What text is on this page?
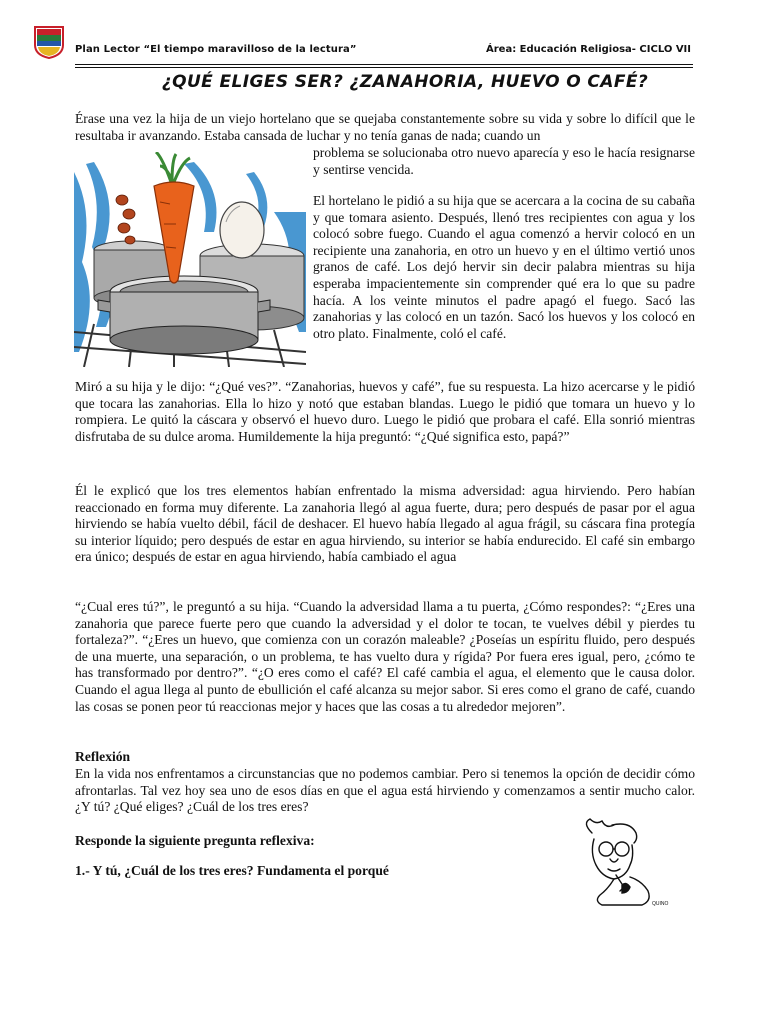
Plan Lector “El tiempo maravilloso de la lectura”	Área: Educación Religiosa- CICLO VII
¿QUÉ ELIGES SER? ¿ZANAHORIA, HUEVO O CAFÉ?

Érase una vez la hija de un viejo hortelano que se quejaba constantemente sobre su vida y sobre lo difícil que le resultaba ir avanzando. Estaba cansada de luchar y no tenía ganas de nada; cuando un

problema se solucionaba otro nuevo aparecía y eso le hacía resignarse y sentirse vencida.

El hortelano le pidió a su hija que se acercara a la cocina de su cabaña y que tomara asiento. Después, llenó tres recipientes con agua y los colocó sobre fuego. Cuando el agua comenzó a hervir colocó en un recipiente una zanahoria, en otro un huevo y en el último vertió unos granos de café. Los dejó hervir sin decir palabra mientras su hija esperaba impacientemente sin comprender qué era lo que su padre hacía. A los veinte minutos el padre apagó el fuego. Sacó las zanahorias y las colocó en un tazón. Sacó los huevos y los colocó en otro plato. Finalmente, coló el café.

Miró a su hija y le dijo: “¿Qué ves?”. “Zanahorias, huevos y café”, fue su respuesta. La hizo acercarse y le pidió que tocara las zanahorias. Ella lo hizo y notó que estaban blandas. Luego le pidió que tomara un huevo y lo rompiera. Le quitó la cáscara y observó el huevo duro. Luego le pidió que probara el café. Ella sonrió mientras disfrutaba de su dulce aroma. Humildemente la hija preguntó: “¿Qué significa esto, papá?”

Él le explicó que los tres elementos habían enfrentado la misma adversidad: agua hirviendo. Pero habían reaccionado en forma muy diferente. La zanahoria llegó al agua fuerte, dura; pero después de pasar por el agua hirviendo se había vuelto débil, fácil de deshacer. El huevo había llegado al agua frágil, su cáscara fina protegía su interior líquido; pero después de estar en agua hirviendo, su interior se había endurecido. El café sin embargo era único; después de estar en agua hirviendo, había cambiado el agua

“¿Cual eres tú?”, le preguntó a su hija. “Cuando la adversidad llama a tu puerta, ¿Cómo respondes?: “¿Eres una zanahoria que parece fuerte pero que cuando la adversidad y el dolor te tocan, te vuelves débil y pierdes tu fortaleza?”. “¿Eres un huevo, que comienza con un corazón maleable? ¿Poseías un espíritu fluido, pero después de una muerte, una separación, o un problema, te has vuelto dura y rígida? Por fuera eres igual, pero, ¿cómo te has transformado por dentro?”. “¿O eres como el café? El café cambia el agua, el elemento que le causa dolor. Cuando el agua llega al punto de ebullición el café alcanza su mejor sabor. Si eres como el grano de café, cuando las cosas se ponen peor tú reaccionas mejor y haces que las cosas a tu alrededor mejoren”.

Reflexión

En la vida nos enfrentamos a circunstancias que no podemos cambiar. Pero si tenemos la opción de decidir cómo afrontarlas. Tal vez hoy sea uno de esos días en que el agua está hirviendo y comenzamos a sentir mucho calor. ¿Y tú? ¿Qué eliges? ¿Cuál de los tres eres?

Responde la siguiente pregunta reflexiva:

1.- Y tú, ¿Cuál de los tres eres? Fundamenta el porqué

QUINO
